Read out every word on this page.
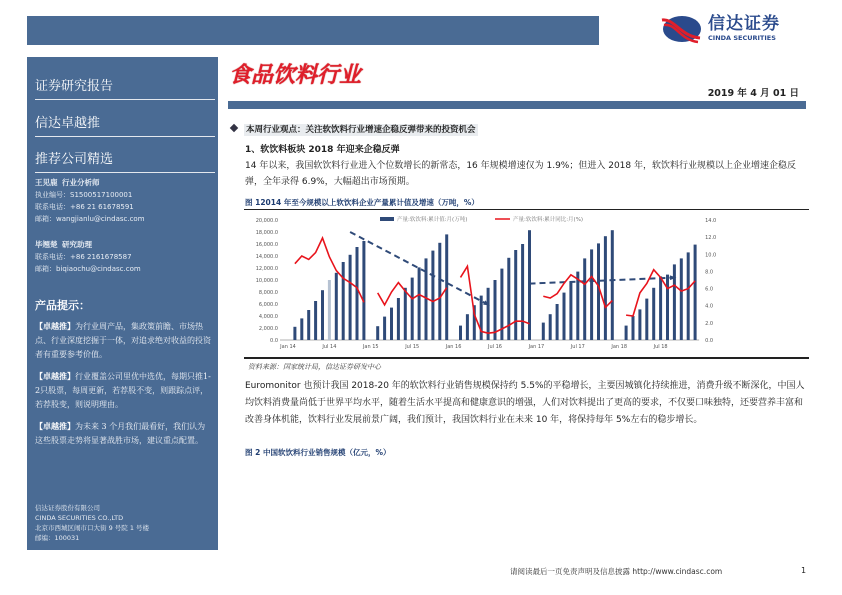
信达证券
CINDA SECURITIES
证券研究报告
信达卓越推
推荐公司精选
王见鹿 行业分析师
执业编号：S1500517100001
联系电话：+86 21 61678591
邮箱：wangjianlu@cindasc.com
毕翘楚 研究助理
联系电话：+86 2161678587
邮箱：biqiaochu@cindasc.com
产品提示：
【卓越推】为行业周产品，集政策前瞻、市场热点、行业深度挖掘于一体，对追求绝对收益的投资者有重要参考价值。
【卓越推】行业覆盖公司里优中选优，每期只推1-2只股票，每周更新，若荐股不变，则跟踪点评，若荐股变，则说明理由。
【卓越推】为未来 3 个月我们最看好，我们认为这些股票走势将显著战胜市场，建议重点配置。
信达证券股份有限公司
CINDA SECURITIES CO.,LTD
北京市西城区闹市口大街 9 号院 1 号楼
邮编：100031
食品饮料行业
2019 年 4 月 01 日
本周行业观点：关注软饮料行业增速企稳反弹带来的投资机会
1、软饮料板块 2018 年迎来企稳反弹
14 年以来，我国软饮料行业进入个位数增长的新常态，16 年规模增速仅为 1.9%；但进入 2018 年，软饮料行业规模以上企业增速企稳反弹，全年录得 6.9%，大幅超出市场预期。
图 12014 年至今规模以上软饮料企业产量累计值及增速（万吨，%）
0.0
2,000.0
4,000.0
6,000.0
8,000.0
10,000.0
12,000.0
14,000.0
16,000.0
18,000.0
20,000.0
0.0
2.0
4.0
6.0
8.0
10.0
12.0
14.0
Jan 14	Jul 14	Jan 15	Jul 15	Jan 16	Jul 16	Jan 17	Jul 17	Jan 18	Jul 18
产量:软饮料:累计值:月(万吨)	产量:软饮料:累计同比:月(%)
资料来源：国家统计局，信达证券研发中心
Euromonitor 也预计我国 2018-20 年的软饮料行业销售规模保持约 5.5%的平稳增长，主要因城镇化持续推进，消费升级不断深化，中国人均饮料消费量尚低于世界平均水平，随着生活水平提高和健康意识的增强，人们对饮料提出了更高的要求，不仅要口味独特，还要营养丰富和改善身体机能，饮料行业发展前景广阔，我们预计，我国饮料行业在未来 10 年，将保持每年 5%左右的稳步增长。
图 2 中国软饮料行业销售规模（亿元，%）
请阅读最后一页免责声明及信息披露 http://www.cindasc.com	1
